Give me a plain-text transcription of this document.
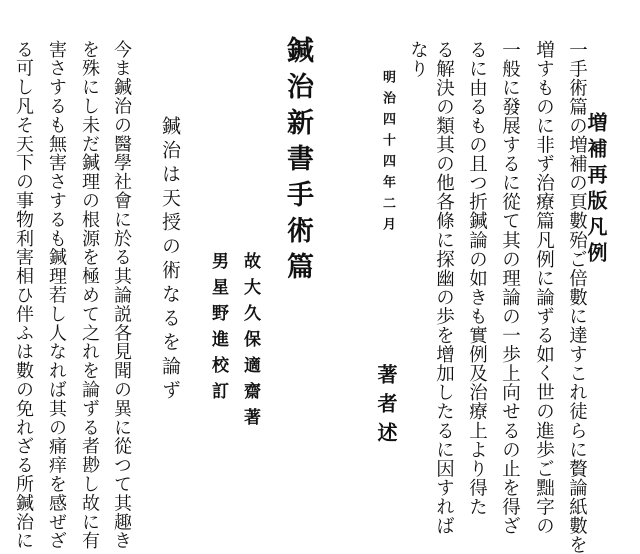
増補再版凡例
一手術篇の増補の頁數殆ご倍數に達すこれ徒らに贅論紙數を
増すものに非ず治療篇凡例に論ずる如く世の進歩ご黜字の
一般に發展するに從て其の理論の一歩上向せるの止を得ざ
るに由るもの且つ折鍼論の如きも實例及治療上より得た
る解決の類其の他各條に探幽の歩を增加したるに因すれば
なり
明治四十四年二月
著者述
鍼治新書手術篇
故大久保適齋著
男星野進校訂
鍼治は天授の術なるを論ず
今ま鍼治の醫學社會に於る其論説各見聞の異に從つて其趣き
を殊にし未だ鍼理の根源を極めて之れを論ずる者尠し故に有
害さするも無害さするも鍼理若し人なれば其の痛痒を感ぜざ
る可し凡そ天下の事物利害相ひ伴ふは數の免れざる所鍼治に
